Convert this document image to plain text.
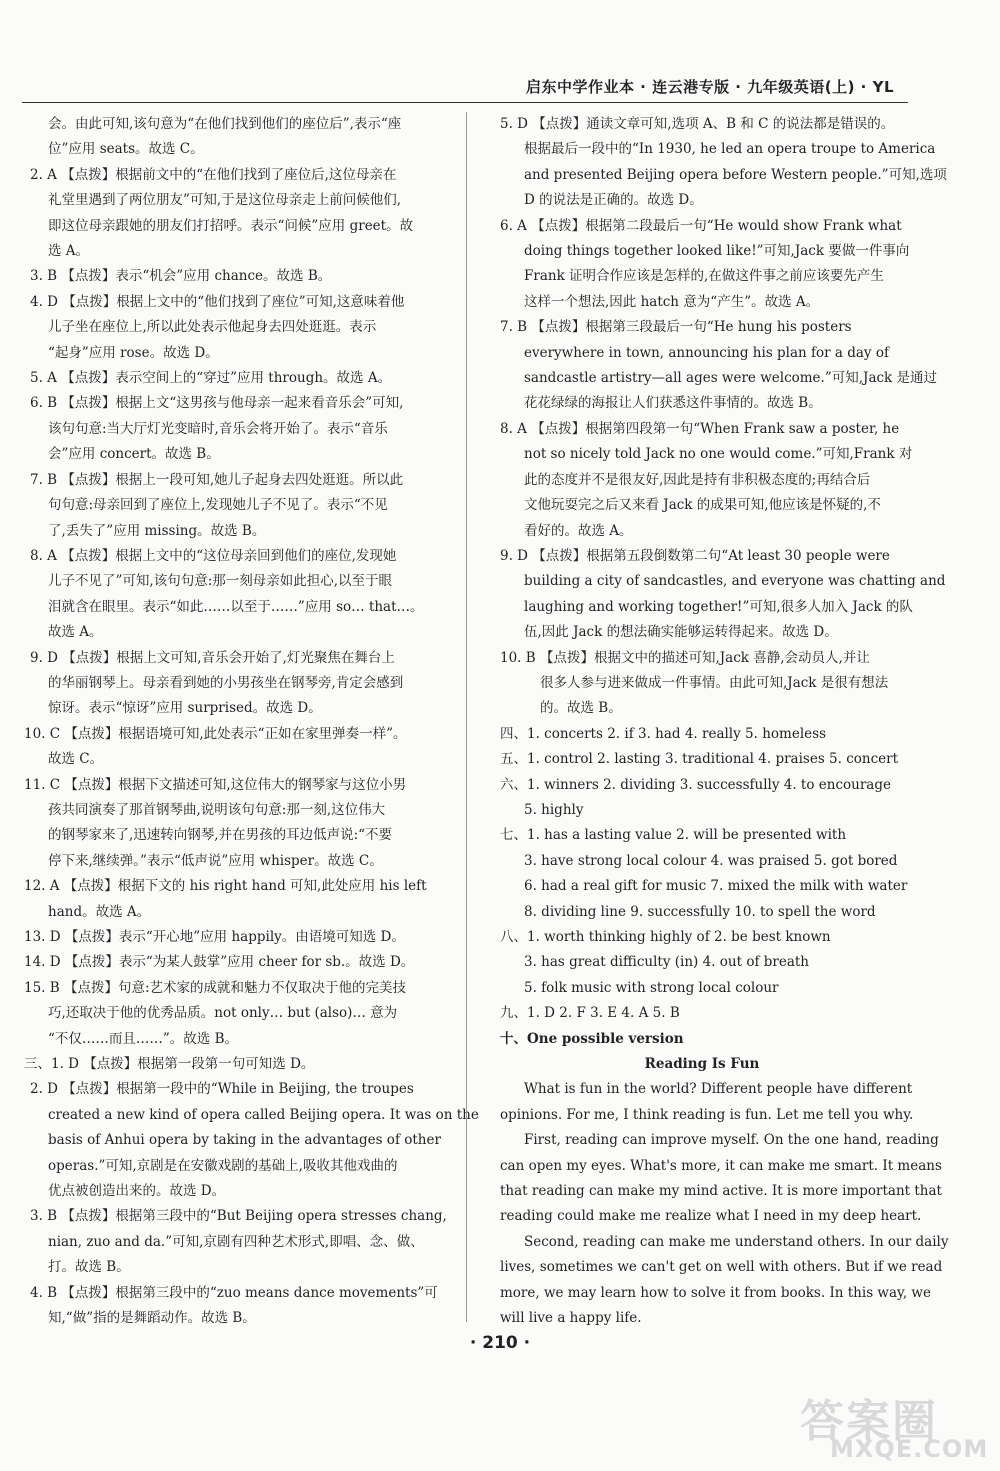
启东中学作业本 · 连云港专版 · 九年级英语(上) · YL
会。由此可知,该句意为“在他们找到他们的座位后”,表示“座
位”应用 seats。故选 C。
2. A 【点拨】根据前文中的“在他们找到了座位后,这位母亲在
礼堂里遇到了两位朋友”可知,于是这位母亲走上前问候他们,
即这位母亲跟她的朋友们打招呼。表示“问候”应用 greet。故
选 A。
3. B 【点拨】表示“机会”应用 chance。故选 B。
4. D 【点拨】根据上文中的“他们找到了座位”可知,这意味着他
儿子坐在座位上,所以此处表示他起身去四处逛逛。表示
“起身”应用 rose。故选 D。
5. A 【点拨】表示空间上的“穿过”应用 through。故选 A。
6. B 【点拨】根据上文“这男孩与他母亲一起来看音乐会”可知,
该句句意:当大厅灯光变暗时,音乐会将开始了。表示“音乐
会”应用 concert。故选 B。
7. B 【点拨】根据上一段可知,她儿子起身去四处逛逛。所以此
句句意:母亲回到了座位上,发现她儿子不见了。表示“不见
了,丢失了”应用 missing。故选 B。
8. A 【点拨】根据上文中的“这位母亲回到他们的座位,发现她
儿子不见了”可知,该句句意:那一刻母亲如此担心,以至于眼
泪就含在眼里。表示“如此……以至于……”应用 so… that…。
故选 A。
9. D 【点拨】根据上文可知,音乐会开始了,灯光聚焦在舞台上
的华丽钢琴上。母亲看到她的小男孩坐在钢琴旁,肯定会感到
惊讶。表示“惊讶”应用 surprised。故选 D。
10. C 【点拨】根据语境可知,此处表示“正如在家里弹奏一样”。
故选 C。
11. C 【点拨】根据下文描述可知,这位伟大的钢琴家与这位小男
孩共同演奏了那首钢琴曲,说明该句句意:那一刻,这位伟大
的钢琴家来了,迅速转向钢琴,并在男孩的耳边低声说:“不要
停下来,继续弹。”表示“低声说”应用 whisper。故选 C。
12. A 【点拨】根据下文的 his right hand 可知,此处应用 his left
hand。故选 A。
13. D 【点拨】表示“开心地”应用 happily。由语境可知选 D。
14. D 【点拨】表示“为某人鼓掌”应用 cheer for sb.。故选 D。
15. B 【点拨】句意:艺术家的成就和魅力不仅取决于他的完美技
巧,还取决于他的优秀品质。not only… but (also)… 意为
“不仅……而且……”。故选 B。
三、1. D 【点拨】根据第一段第一句可知选 D。
2. D 【点拨】根据第一段中的“While in Beijing, the troupes
created a new kind of opera called Beijing opera. It was on the
basis of Anhui opera by taking in the advantages of other
operas.”可知,京剧是在安徽戏剧的基础上,吸收其他戏曲的
优点被创造出来的。故选 D。
3. B 【点拨】根据第三段中的“But Beijing opera stresses chang,
nian, zuo and da.”可知,京剧有四种艺术形式,即唱、念、做、
打。故选 B。
4. B 【点拨】根据第三段中的“zuo means dance movements”可
知,“做”指的是舞蹈动作。故选 B。
5. D 【点拨】通读文章可知,选项 A、B 和 C 的说法都是错误的。
根据最后一段中的“In 1930, he led an opera troupe to America
and presented Beijing opera before Western people.”可知,选项
D 的说法是正确的。故选 D。
6. A 【点拨】根据第二段最后一句“He would show Frank what
doing things together looked like!”可知,Jack 要做一件事向
Frank 证明合作应该是怎样的,在做这件事之前应该要先产生
这样一个想法,因此 hatch 意为“产生”。故选 A。
7. B 【点拨】根据第三段最后一句“He hung his posters
everywhere in town, announcing his plan for a day of
sandcastle artistry—all ages were welcome.”可知,Jack 是通过
花花绿绿的海报让人们获悉这件事情的。故选 B。
8. A 【点拨】根据第四段第一句“When Frank saw a poster, he
not so nicely told Jack no one would come.”可知,Frank 对
此的态度并不是很友好,因此是持有非积极态度的;再结合后
文他玩耍完之后又来看 Jack 的成果可知,他应该是怀疑的,不
看好的。故选 A。
9. D 【点拨】根据第五段倒数第二句“At least 30 people were
building a city of sandcastles, and everyone was chatting and
laughing and working together!”可知,很多人加入 Jack 的队
伍,因此 Jack 的想法确实能够运转得起来。故选 D。
10. B 【点拨】根据文中的描述可知,Jack 喜静,会动员人,并让
很多人参与进来做成一件事情。由此可知,Jack 是很有想法
的。故选 B。
四、1. concerts 2. if 3. had 4. really 5. homeless
五、1. control 2. lasting 3. traditional 4. praises 5. concert
六、1. winners 2. dividing 3. successfully 4. to encourage
5. highly
七、1. has a lasting value 2. will be presented with
3. have strong local colour 4. was praised 5. got bored
6. had a real gift for music 7. mixed the milk with water
8. dividing line 9. successfully 10. to spell the word
八、1. worth thinking highly of 2. be best known
3. has great difficulty (in) 4. out of breath
5. folk music with strong local colour
九、1. D 2. F 3. E 4. A 5. B
十、One possible version
Reading Is Fun
What is fun in the world? Different people have different
opinions. For me, I think reading is fun. Let me tell you why.
First, reading can improve myself. On the one hand, reading
can open my eyes. What's more, it can make me smart. It means
that reading can make my mind active. It is more important that
reading could make me realize what I need in my deep heart.
Second, reading can make me understand others. In our daily
lives, sometimes we can't get on well with others. But if we read
more, we may learn how to solve it from books. In this way, we
will live a happy life.
· 210 ·
答案圈
MXQE.COM
